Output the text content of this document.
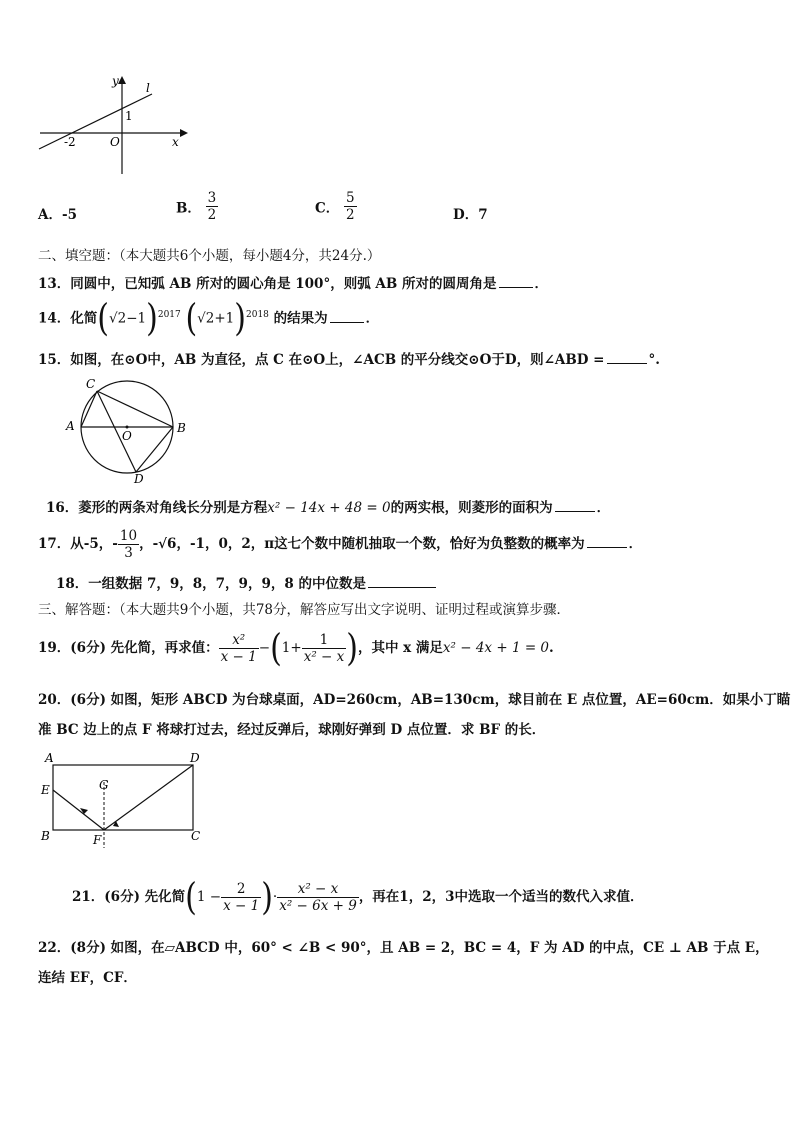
y l
1
-2	O	x
A．-5	B． $\frac{3}{2}$	C． $\frac{5}{2}$	D．7
二、填空题：（本大题共6个小题，每小题4分，共24分.）
13．同圆中，已知弧 AB 所对的圆心角是 100°，则弧 AB 所对的圆周角是	．
14．化简$(√2-1)^{2017}$ $(√2+1)^{2018}$ 的结果为	．
15．如图，在⊙O中，AB 为直径，点 C 在⊙O上，∠ACB 的平分线交⊙O于D，则∠ABD =	°.
C
A
O
B
D
16．菱形的两条对角线长分别是方程x² − 14x + 48 = 0的两实根，则菱形的面积为	．
17．从-5，- $\frac{10}{3}$ ，-√6，-1，0，2，π这七个数中随机抽取一个数，恰好为负整数的概率为	．
18．一组数据 7，9，8，7，9，9，8 的中位数是
三、解答题：（本大题共9个小题，共78分，解答应写出文字说明、证明过程或演算步骤．
19．(6分) 先化简，再求值： $\frac{\text{x²}}{x - 1} -(1+ \frac{1}{\text{x² − x}}$ )，其中 x 满足x² − 4x + 1 = 0.
20．(6分) 如图，矩形 ABCD 为台球桌面，AD=260cm，AB=130cm，球目前在 E 点位置，AE=60cm．如果小丁瞄
准 BC 边上的点 F 将球打过去，经过反弹后，球刚好弹到 D 点位置．求 BF 的长．
A	D
G
E
B	F	C
21．(6分) 先化简($1 - \frac{2}{x - 1}$ )· $\frac{\text{x² − x}}{\text{x² − 6x + 9}}$ ，再在1，2，3中选取一个适当的数代入求值．
22．(8分) 如图，在▱ABCD 中，60° < ∠B < 90°，且 AB = 2，BC = 4，F 为 AD 的中点，CE ⊥ AB 于点 E，
连结 EF，CF．
